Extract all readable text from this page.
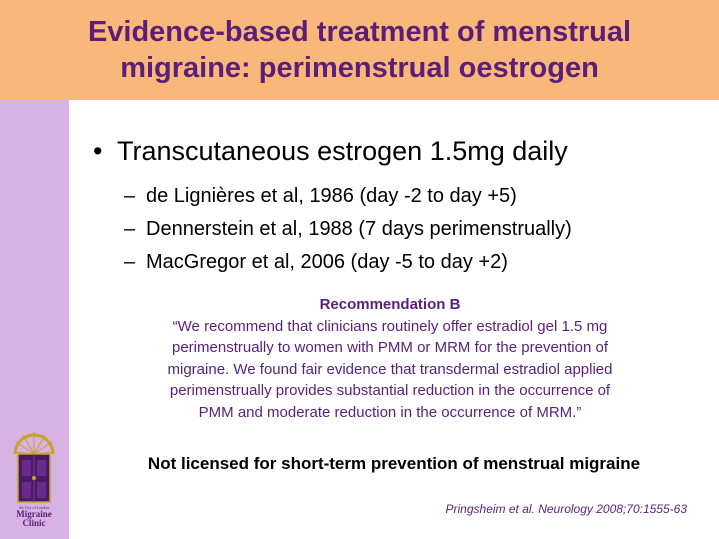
Evidence-based treatment of menstrual
migraine: perimenstrual oestrogen
the City of London
Migraine
Clinic
• Transcutaneous estrogen 1.5mg daily
– de Lignières et al, 1986 (day -2 to day +5)
– Dennerstein et al, 1988 (7 days perimenstrually)
– MacGregor et al, 2006 (day -5 to day +2)
Recommendation B
“We recommend that clinicians routinely offer estradiol gel 1.5 mg
perimenstrually to women with PMM or MRM for the prevention of
migraine. We found fair evidence that transdermal estradiol applied
perimenstrually provides substantial reduction in the occurrence of
PMM and moderate reduction in the occurrence of MRM.”
Not licensed for short-term prevention of menstrual migraine
Pringsheim et al. Neurology 2008;70:1555-63
